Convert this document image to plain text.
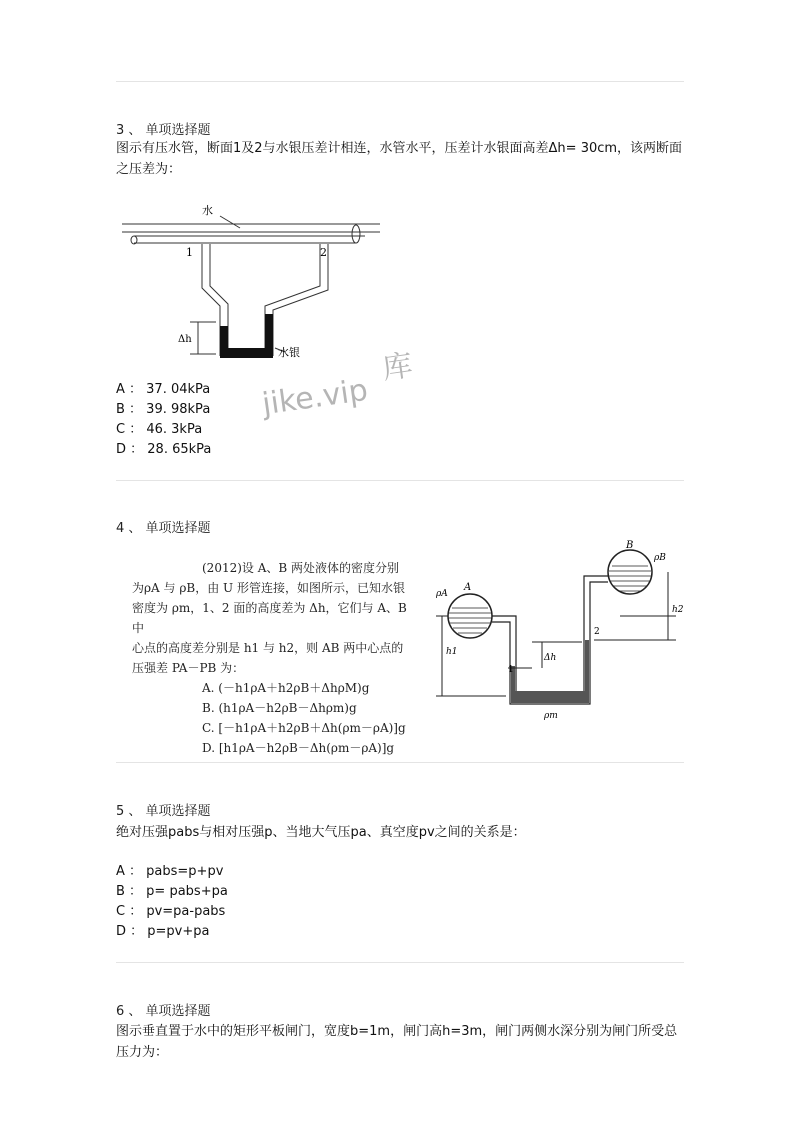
3 、 单项选择题
图示有压水管，断面1及2与水银压差计相连，水管水平，压差计水银面高差Δh= 30cm，该两断面之压差为：
水
1	2
Δh
水银	库
jike.vip
A ： 37. 04kPa
B ： 39. 98kPa
C ： 46. 3kPa
D ： 28. 65kPa
4 、 单项选择题
(2012)设 A、B 两处液体的密度分别
为ρA 与 ρB，由 U 形管连接，如图所示，已知水银
密度为 ρm，1、2 面的高度差为 Δh，它们与 A、B 中
心点的高度差分别是 h1 与 h2，则 AB 两中心点的
压强差 PA－PB 为：
A. (－h1ρA＋h2ρB＋ΔhρM)g
B. (h1ρA－h2ρB－Δhρm)g
C. [－h1ρA＋h2ρB＋Δh(ρm－ρA)]g
D. [h1ρA－h2ρB－Δh(ρm－ρA)]g
A
B
ρA
ρB
ρm
h1
h2
Δh
1
2
5 、 单项选择题
绝对压强pabs与相对压强p、当地大气压pa、真空度pv之间的关系是：
A ： pabs=p+pv
B ： p= pabs+pa
C ： pv=pa-pabs
D ： p=pv+pa
6 、 单项选择题
图示垂直置于水中的矩形平板闸门，宽度b=1m，闸门高h=3m，闸门两侧水深分别为闸门所受总压力为：
